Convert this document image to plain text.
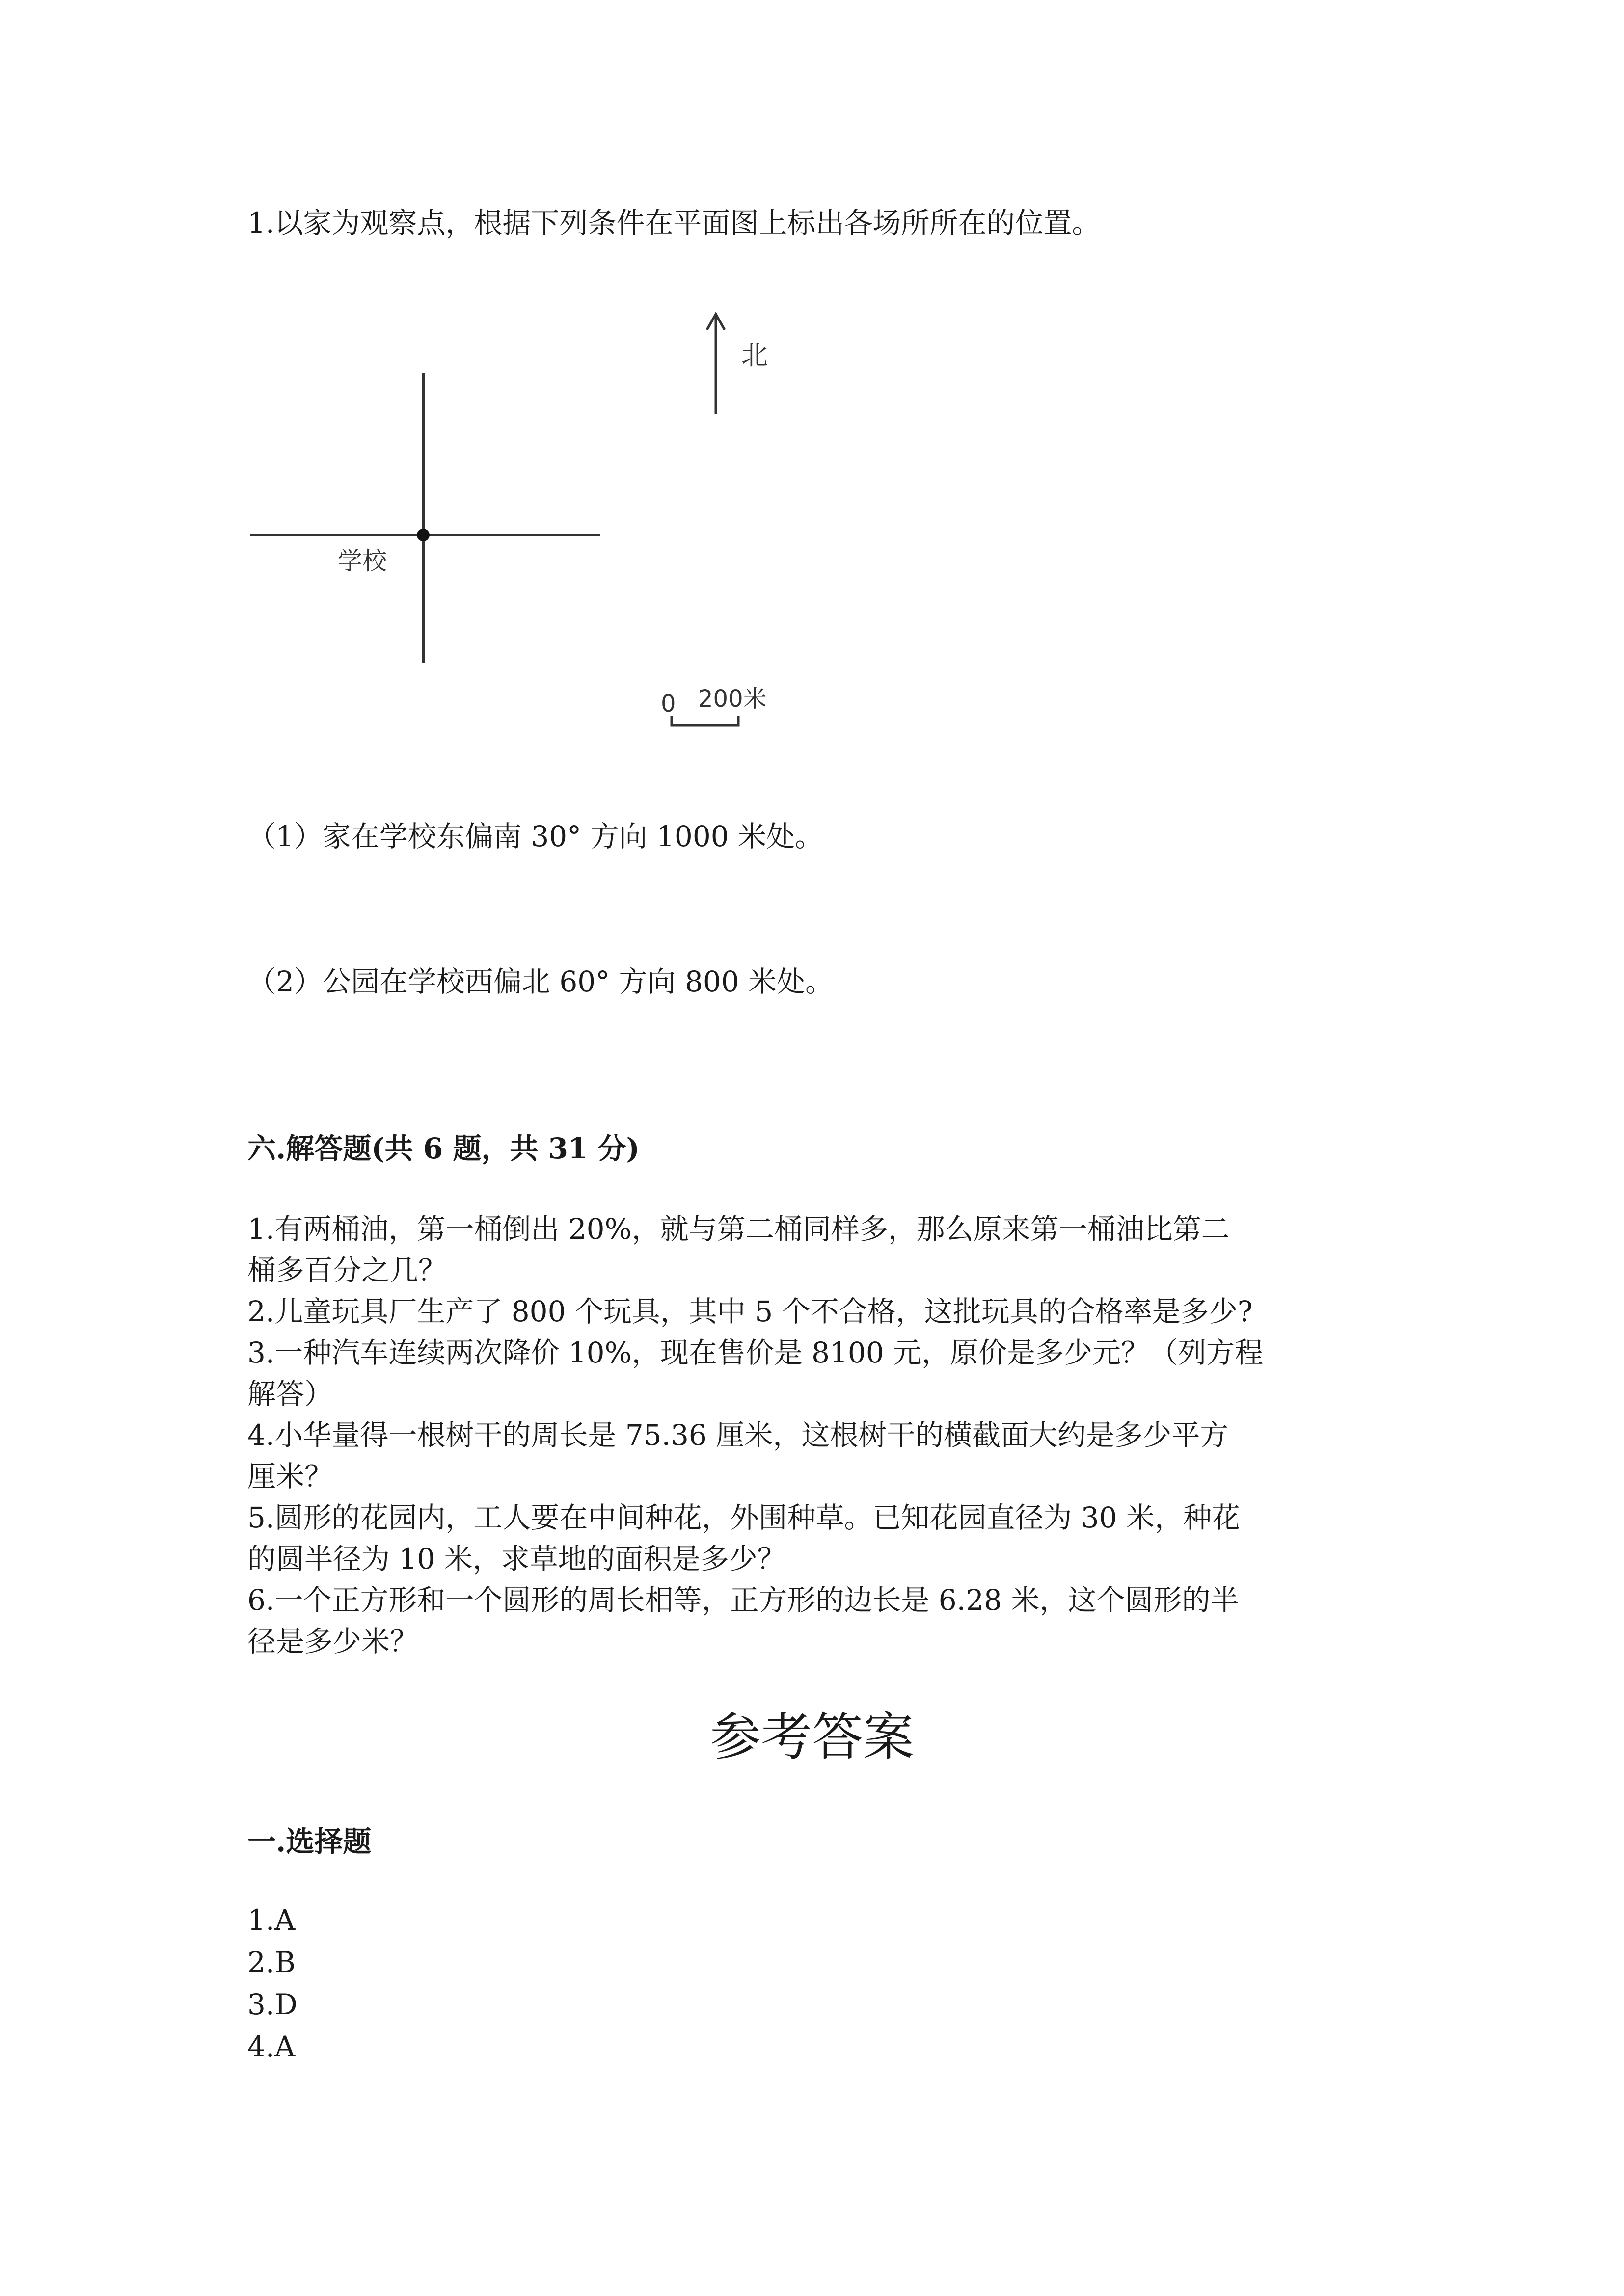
1.以家为观察点，根据下列条件在平面图上标出各场所所在的位置。
学校
北
0 200米
（1）家在学校东偏南 30° 方向 1000 米处。
（2）公园在学校西偏北 60° 方向 800 米处。
六.解答题(共 6 题，共 31 分)
1.有两桶油，第一桶倒出 20%，就与第二桶同样多，那么原来第一桶油比第二
桶多百分之几？
2.儿童玩具厂生产了 800 个玩具，其中 5 个不合格，这批玩具的合格率是多少?
3.一种汽车连续两次降价 10%，现在售价是 8100 元，原价是多少元？（列方程
解答）
4.小华量得一根树干的周长是 75.36 厘米，这根树干的横截面大约是多少平方
厘米？
5.圆形的花园内，工人要在中间种花，外围种草。已知花园直径为 30 米，种花
的圆半径为 10 米，求草地的面积是多少？
6.一个正方形和一个圆形的周长相等，正方形的边长是 6.28 米，这个圆形的半
径是多少米？
参考答案
一.选择题
1.A
2.B
3.D
4.A
